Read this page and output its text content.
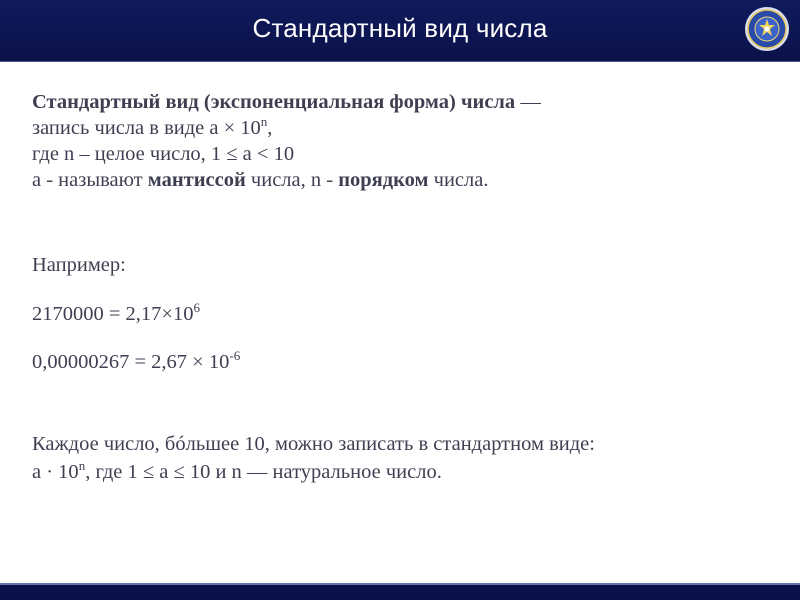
Стандартный вид числа

Стандартный вид (экспоненциальная форма) числа —

запись числа в виде $a \times 10^n$,

где n – целое число, 1 ≤ a < 10

a - называют мантиссой числа, n - порядком числа.

Например:
$2170000 = 2,17\times 10^6$
$0,00000267 = 2,67 \times 10^{-6}$
Каждое число, бóльшее 10, можно записать в стандартном виде:
$a \cdot 10^n$, где 1 ≤ a ≤ 10 и n — натуральное число.
